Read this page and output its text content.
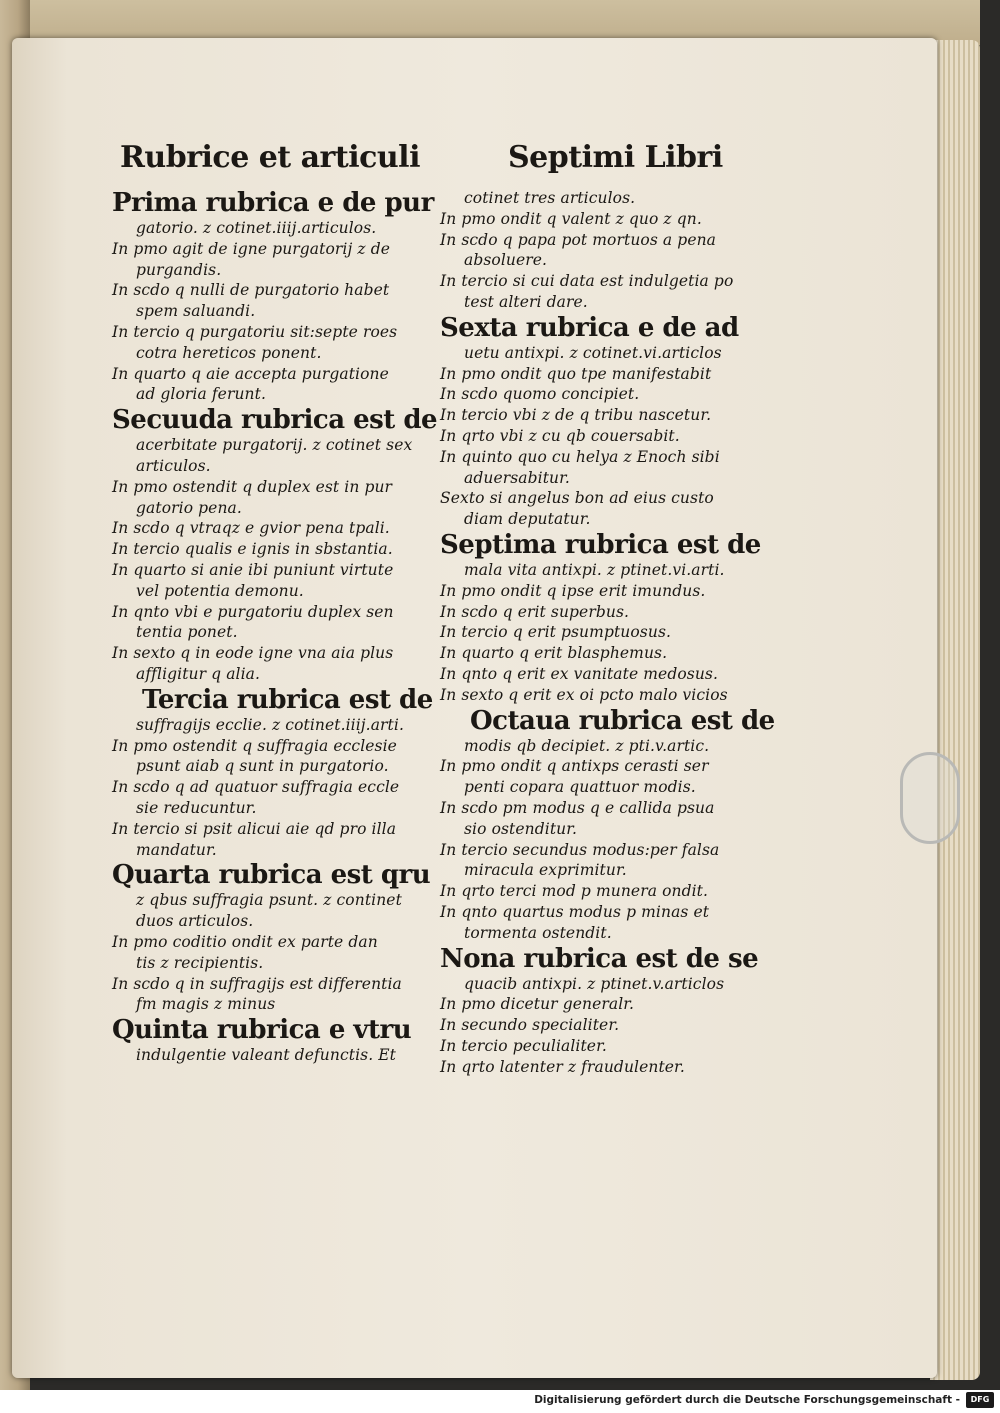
Rubrice et articuli	Septimi Libri
Prima rubrica e de pur
gatorio. z cotinet.iiij.articulos.
In pmo agit de igne purgatorij z de
purgandis.
In scdo q nulli de purgatorio habet
spem saluandi.
In tercio q purgatoriu sit:septe roes
cotra hereticos ponent.
In quarto q aie accepta purgatione
ad gloria ferunt.
Secuuda rubrica est de
acerbitate purgatorij. z cotinet sex
articulos.
In pmo ostendit q duplex est in pur
gatorio pena.
In scdo q vtraqz e gvior pena tpali.
In tercio qualis e ignis in sbstantia.
In quarto si anie ibi puniunt virtute
vel potentia demonu.
In qnto vbi e purgatoriu duplex sen
tentia ponet.
In sexto q in eode igne vna aia plus
affligitur q alia.
Tercia rubrica est de
suffragijs ecclie. z cotinet.iiij.arti.
In pmo ostendit q suffragia ecclesie
psunt aiab q sunt in purgatorio.
In scdo q ad quatuor suffragia eccle
sie reducuntur.
In tercio si psit alicui aie qd pro illa
mandatur.
Quarta rubrica est qru
z qbus suffragia psunt. z continet
duos articulos.
In pmo coditio ondit ex parte dan
tis z recipientis.
In scdo q in suffragijs est differentia
fm magis z minus
Quinta rubrica e vtru
indulgentie valeant defunctis. Et
cotinet tres articulos.
In pmo ondit q valent z quo z qn.
In scdo q papa pot mortuos a pena
absoluere.
In tercio si cui data est indulgetia po
test alteri dare.
Sexta rubrica e de ad
uetu antixpi. z cotinet.vi.articlos
In pmo ondit quo tpe manifestabit
In scdo quomo concipiet.
In tercio vbi z de q tribu nascetur.
In qrto vbi z cu qb couersabit.
In quinto quo cu helya z Enoch sibi
aduersabitur.
Sexto si angelus bon ad eius custo
diam deputatur.
Septima rubrica est de
mala vita antixpi. z ptinet.vi.arti.
In pmo ondit q ipse erit imundus.
In scdo q erit superbus.
In tercio q erit psumptuosus.
In quarto q erit blasphemus.
In qnto q erit ex vanitate medosus.
In sexto q erit ex oi pcto malo vicios
Octaua rubrica est de
modis qb decipiet. z pti.v.artic.
In pmo ondit q antixps cerasti ser
penti copara quattuor modis.
In scdo pm modus q e callida psua
sio ostenditur.
In tercio secundus modus:per falsa
miracula exprimitur.
In qrto terci mod p munera ondit.
In qnto quartus modus p minas et
tormenta ostendit.
Nona rubrica est de se
quacib antixpi. z ptinet.v.articlos
In pmo dicetur generalr.
In secundo specialiter.
In tercio peculialiter.
In qrto latenter z fraudulenter.
Digitalisierung gefördert durch die Deutsche Forschungsgemeinschaft -	DFG
